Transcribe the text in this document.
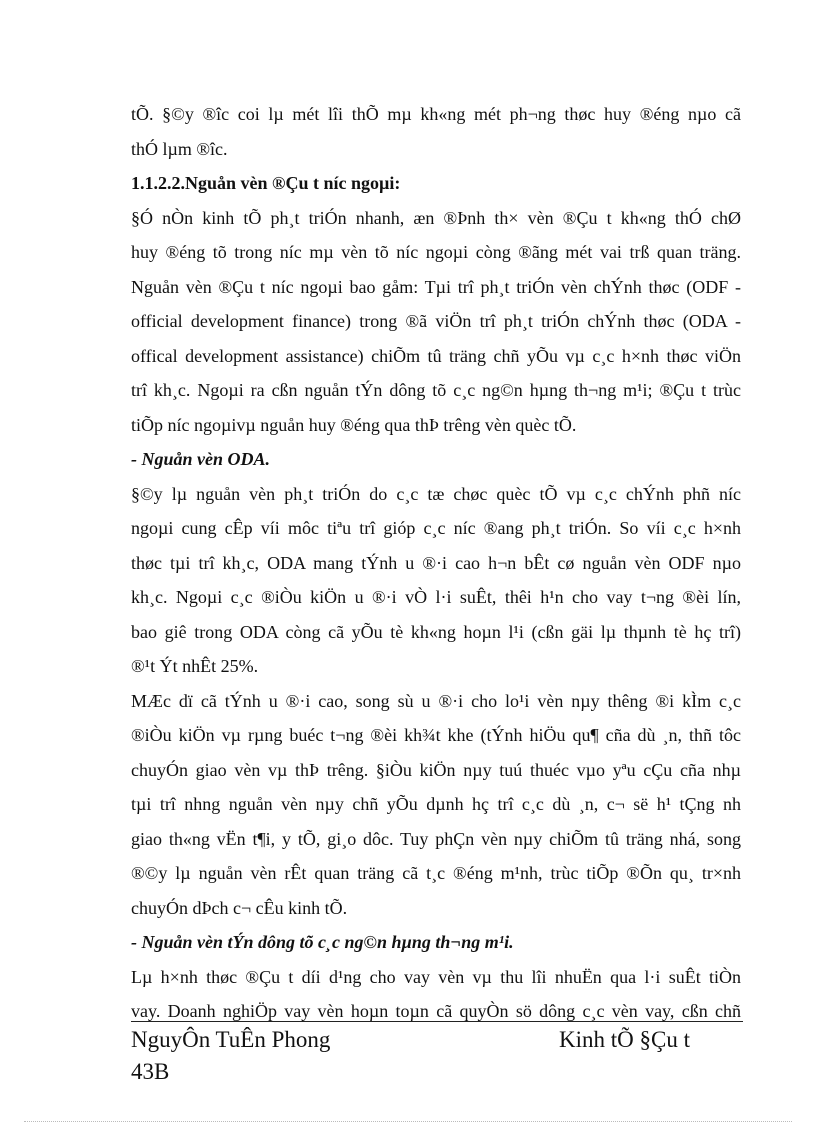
tÕ. §©y ®îc coi lµ mét lîi thÕ mµ kh«ng mét ph¬ng thøc huy ®éng nµo cã
thÓ lµm ®îc.
1.1.2.2.Nguån vèn ®Çu t níc ngoµi:
§Ó nÒn kinh tÕ ph¸t triÓn nhanh, æn ®Þnh th× vèn ®Çu t kh«ng thÓ chØ
huy ®éng tõ trong níc mµ vèn tõ níc ngoµi còng ®ãng mét vai trß quan träng.
Nguån vèn ®Çu t níc ngoµi bao gåm: Tµi trî ph¸t triÓn vèn chÝnh thøc (ODF -
official development finance) trong ®ã viÖn trî ph¸t triÓn chÝnh thøc (ODA -
offical development assistance) chiÕm tû träng chñ yÕu vµ c¸c h×nh thøc viÖn
trî kh¸c. Ngoµi ra cßn nguån tÝn dông tõ c¸c ng©n hµng th¬ng m¹i; ®Çu t trùc
tiÕp níc ngoµivµ nguån huy ®éng qua thÞ trêng vèn quèc tÕ.
- Nguån vèn ODA.
§©y lµ nguån vèn ph¸t triÓn do c¸c tæ chøc quèc tÕ vµ c¸c chÝnh phñ níc
ngoµi cung cÊp víi môc tiªu trî gióp c¸c níc ®ang ph¸t triÓn. So víi c¸c h×nh
thøc tµi trî kh¸c, ODA mang tÝnh u ®·i cao h¬n bÊt cø nguån vèn ODF nµo
kh¸c. Ngoµi c¸c ®iÒu kiÖn u ®·i vÒ l·i suÊt, thêi h¹n cho vay t¬ng ®èi lín,
bao giê trong ODA còng cã yÕu tè kh«ng hoµn l¹i (cßn gäi lµ thµnh tè hç trî)
®¹t Ýt nhÊt 25%.
MÆc dï cã tÝnh u ®·i cao, song sù u ®·i cho lo¹i vèn nµy thêng ®i kÌm c¸c
®iÒu kiÖn vµ rµng buéc t¬ng ®èi kh¾t khe (tÝnh hiÖu qu¶ cña dù ¸n, thñ tôc
chuyÓn giao vèn vµ thÞ trêng. §iÒu kiÖn nµy tuú thuéc vµo yªu cÇu cña nhµ
tµi trî nhng nguån vèn nµy chñ yÕu dµnh hç trî c¸c dù ¸n, c¬ së h¹ tÇng nh
giao th«ng vËn t¶i, y tÕ, gi¸o dôc. Tuy phÇn vèn nµy chiÕm tû träng nhá, song
®©y lµ nguån vèn rÊt quan träng cã t¸c ®éng m¹nh, trùc tiÕp ®Õn qu¸ tr×nh
chuyÓn dÞch c¬ cÊu kinh tÕ.
- Nguån vèn tÝn dông tõ c¸c ng©n hµng th¬ng m¹i.
Lµ h×nh thøc ®Çu t díi d¹ng cho vay vèn vµ thu lîi nhuËn qua l·i suÊt tiÒn
vay. Doanh nghiÖp vay vèn hoµn toµn cã quyÒn sö dông c¸c vèn vay, cßn chñ
NguyÔn TuÊn Phong	Kinh tÕ §Çu t
43B
